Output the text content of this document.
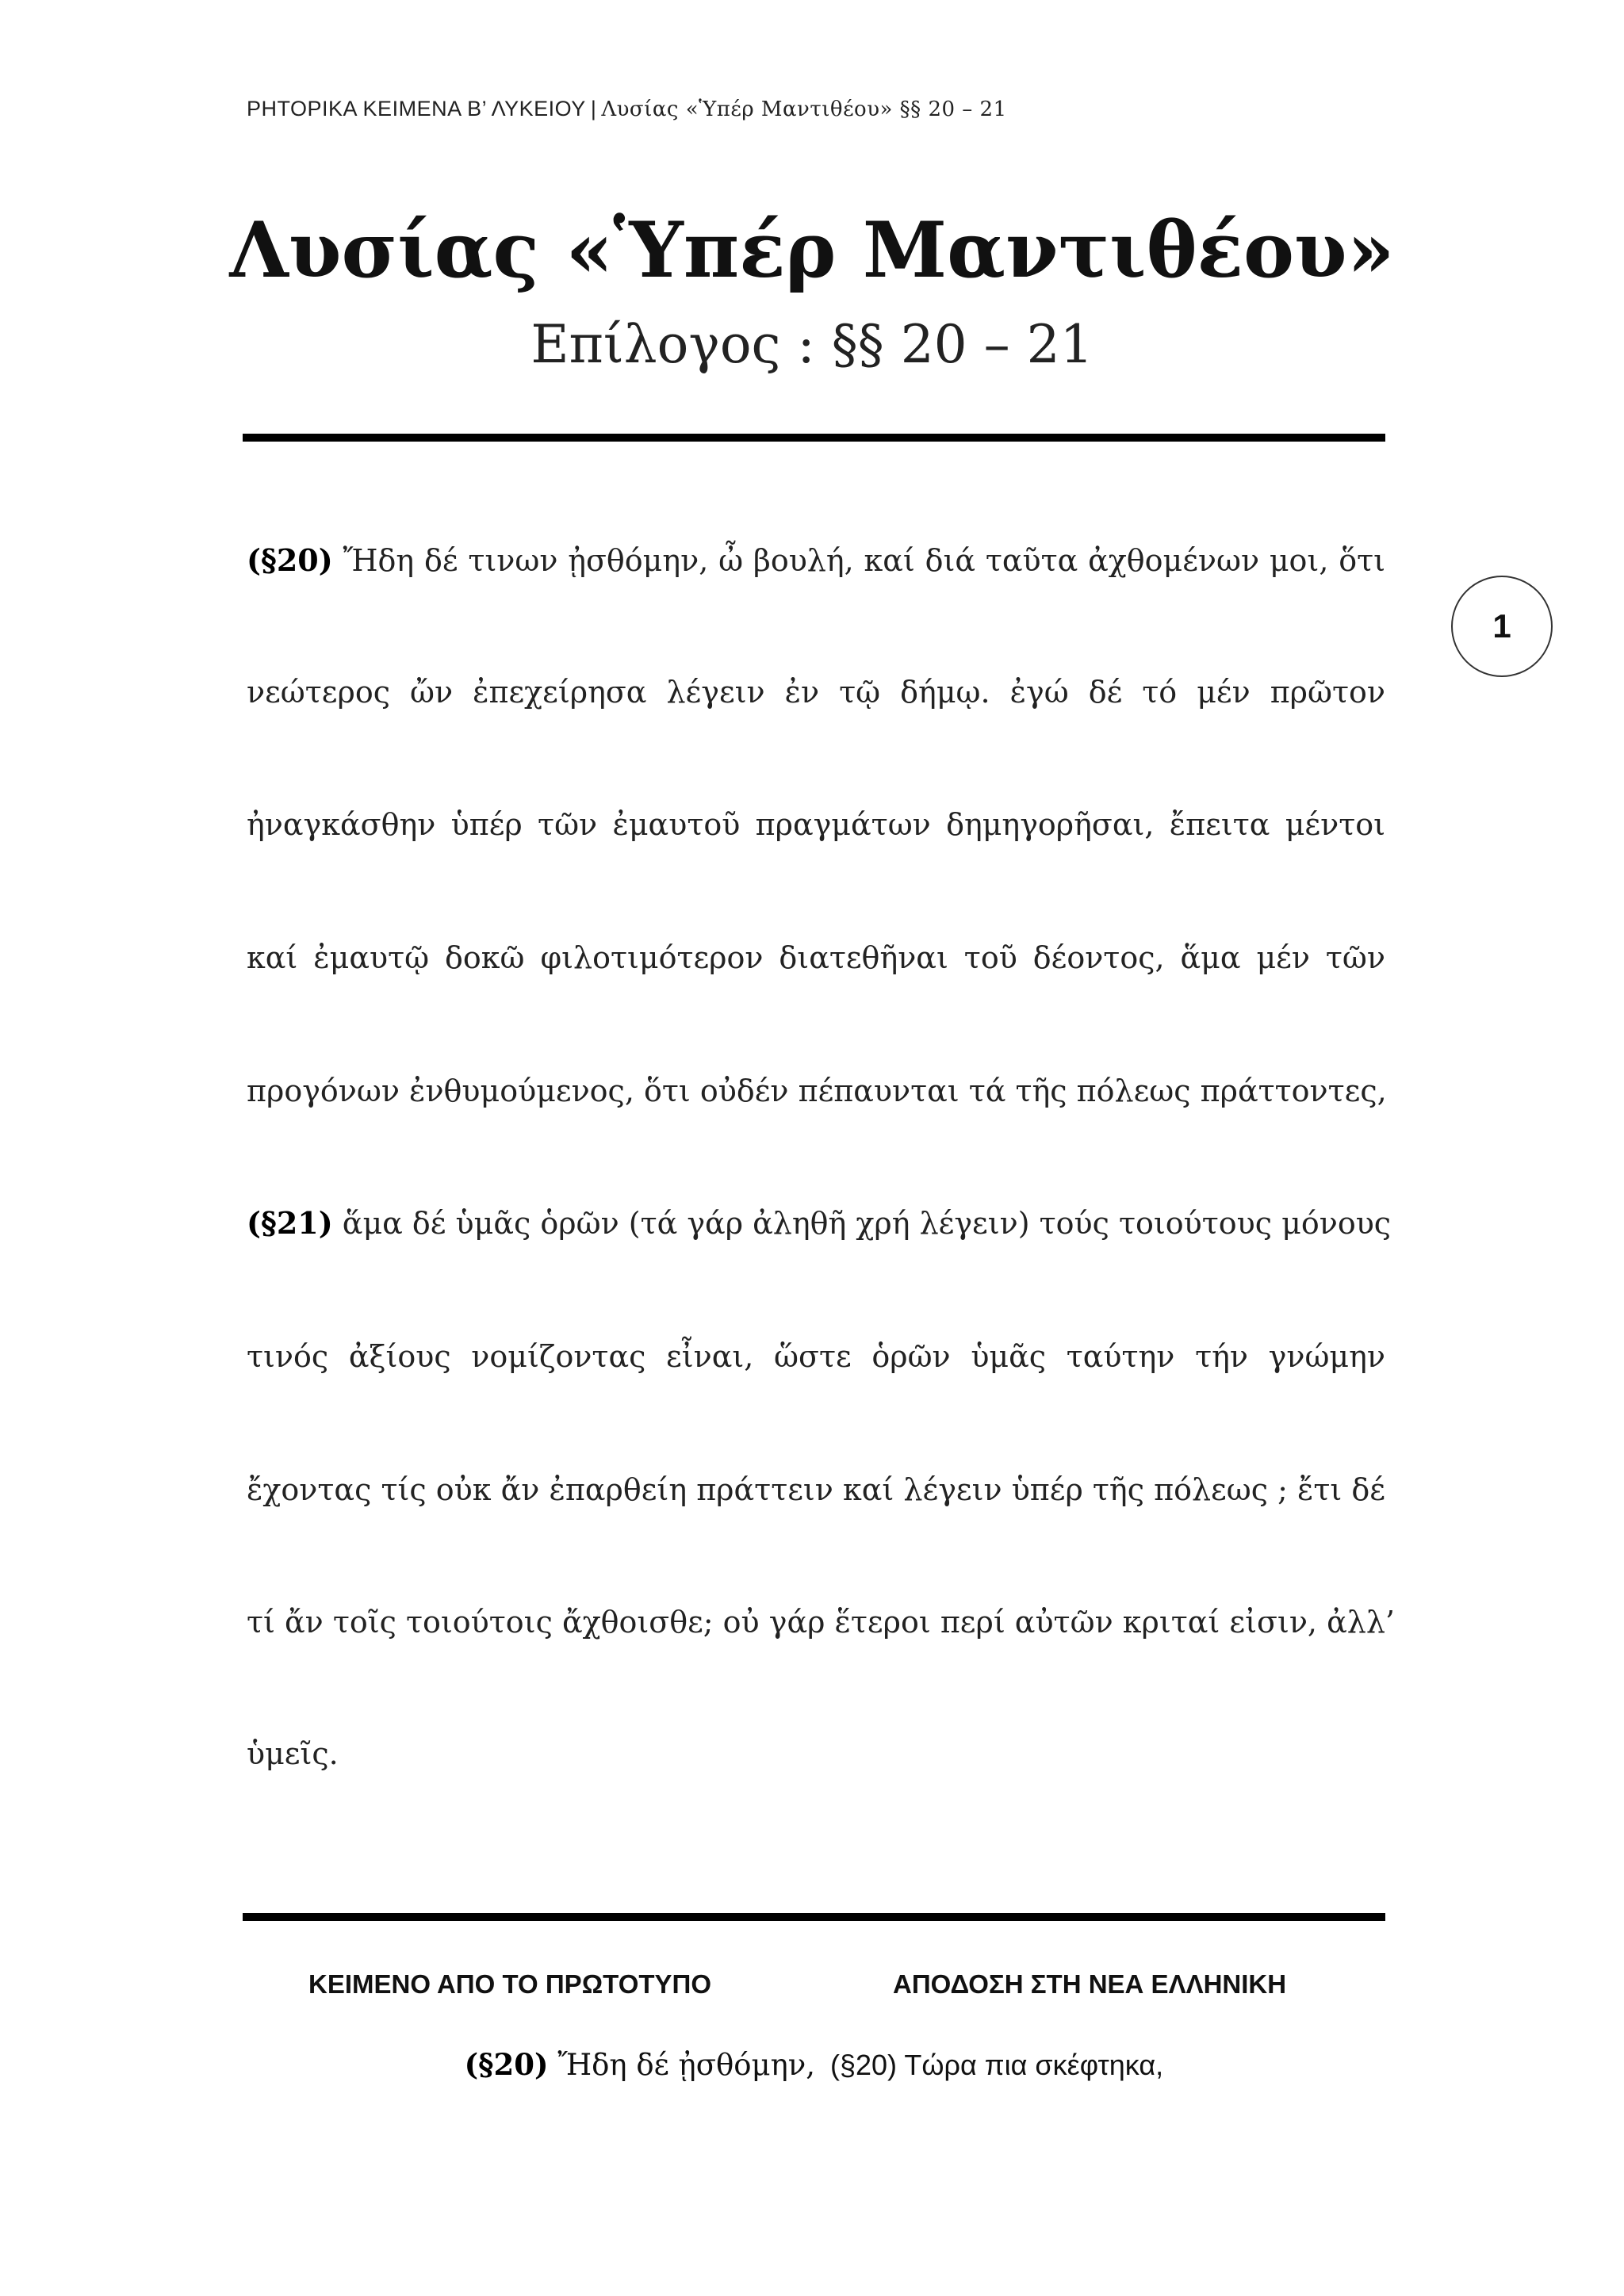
ΡΗΤΟΡΙΚΑ ΚΕΙΜΕΝΑ Β’ ΛΥΚΕΙΟΥ | Λυσίας «Ὑπέρ Μαντιθέου» §§ 20 – 21
Λυσίας «Ὑπέρ Μαντιθέου»
Επίλογος : §§ 20 – 21
1
(§20) Ἤδη δέ τινων ᾐσθόμην, ὦ βουλή, καί διά ταῦτα ἀχθομένων μοι, ὅτι
νεώτερος ὤν ἐπεχείρησα λέγειν ἐν τῷ δήμῳ. ἐγώ δέ τό μέν πρῶτον
ἠναγκάσθην ὑπέρ τῶν ἐμαυτοῦ πραγμάτων δημηγορῆσαι, ἔπειτα μέντοι
καί ἐμαυτῷ δοκῶ φιλοτιμότερον διατεθῆναι τοῦ δέοντος, ἅμα μέν τῶν
προγόνων ἐνθυμούμενος, ὅτι οὐδέν πέπαυνται τά τῆς πόλεως πράττοντες,
(§21) ἅμα δέ ὑμᾶς ὁρῶν (τά γάρ ἀληθῆ χρή λέγειν) τούς τοιούτους μόνους
τινός ἀξίους νομίζοντας εἶναι, ὥστε ὁρῶν ὑμᾶς ταύτην τήν γνώμην
ἔχοντας τίς οὐκ ἄν ἐπαρθείη πράττειν καί λέγειν ὑπέρ τῆς πόλεως ; ἔτι δέ
τί ἄν τοῖς τοιούτοις ἄχθοισθε; οὐ γάρ ἕτεροι περί αὐτῶν κριταί εἰσιν, ἀλλ’
ὑμεῖς.
ΚΕΙΜΕΝΟ ΑΠΟ ΤΟ ΠΡΩΤΟΤΥΠΟ	ΑΠΟΔΟΣΗ ΣΤΗ ΝΕΑ ΕΛΛΗΝΙΚΗ
(§20) Ἤδη δέ ᾐσθόμην, (§20) Τώρα πια σκέφτηκα,
